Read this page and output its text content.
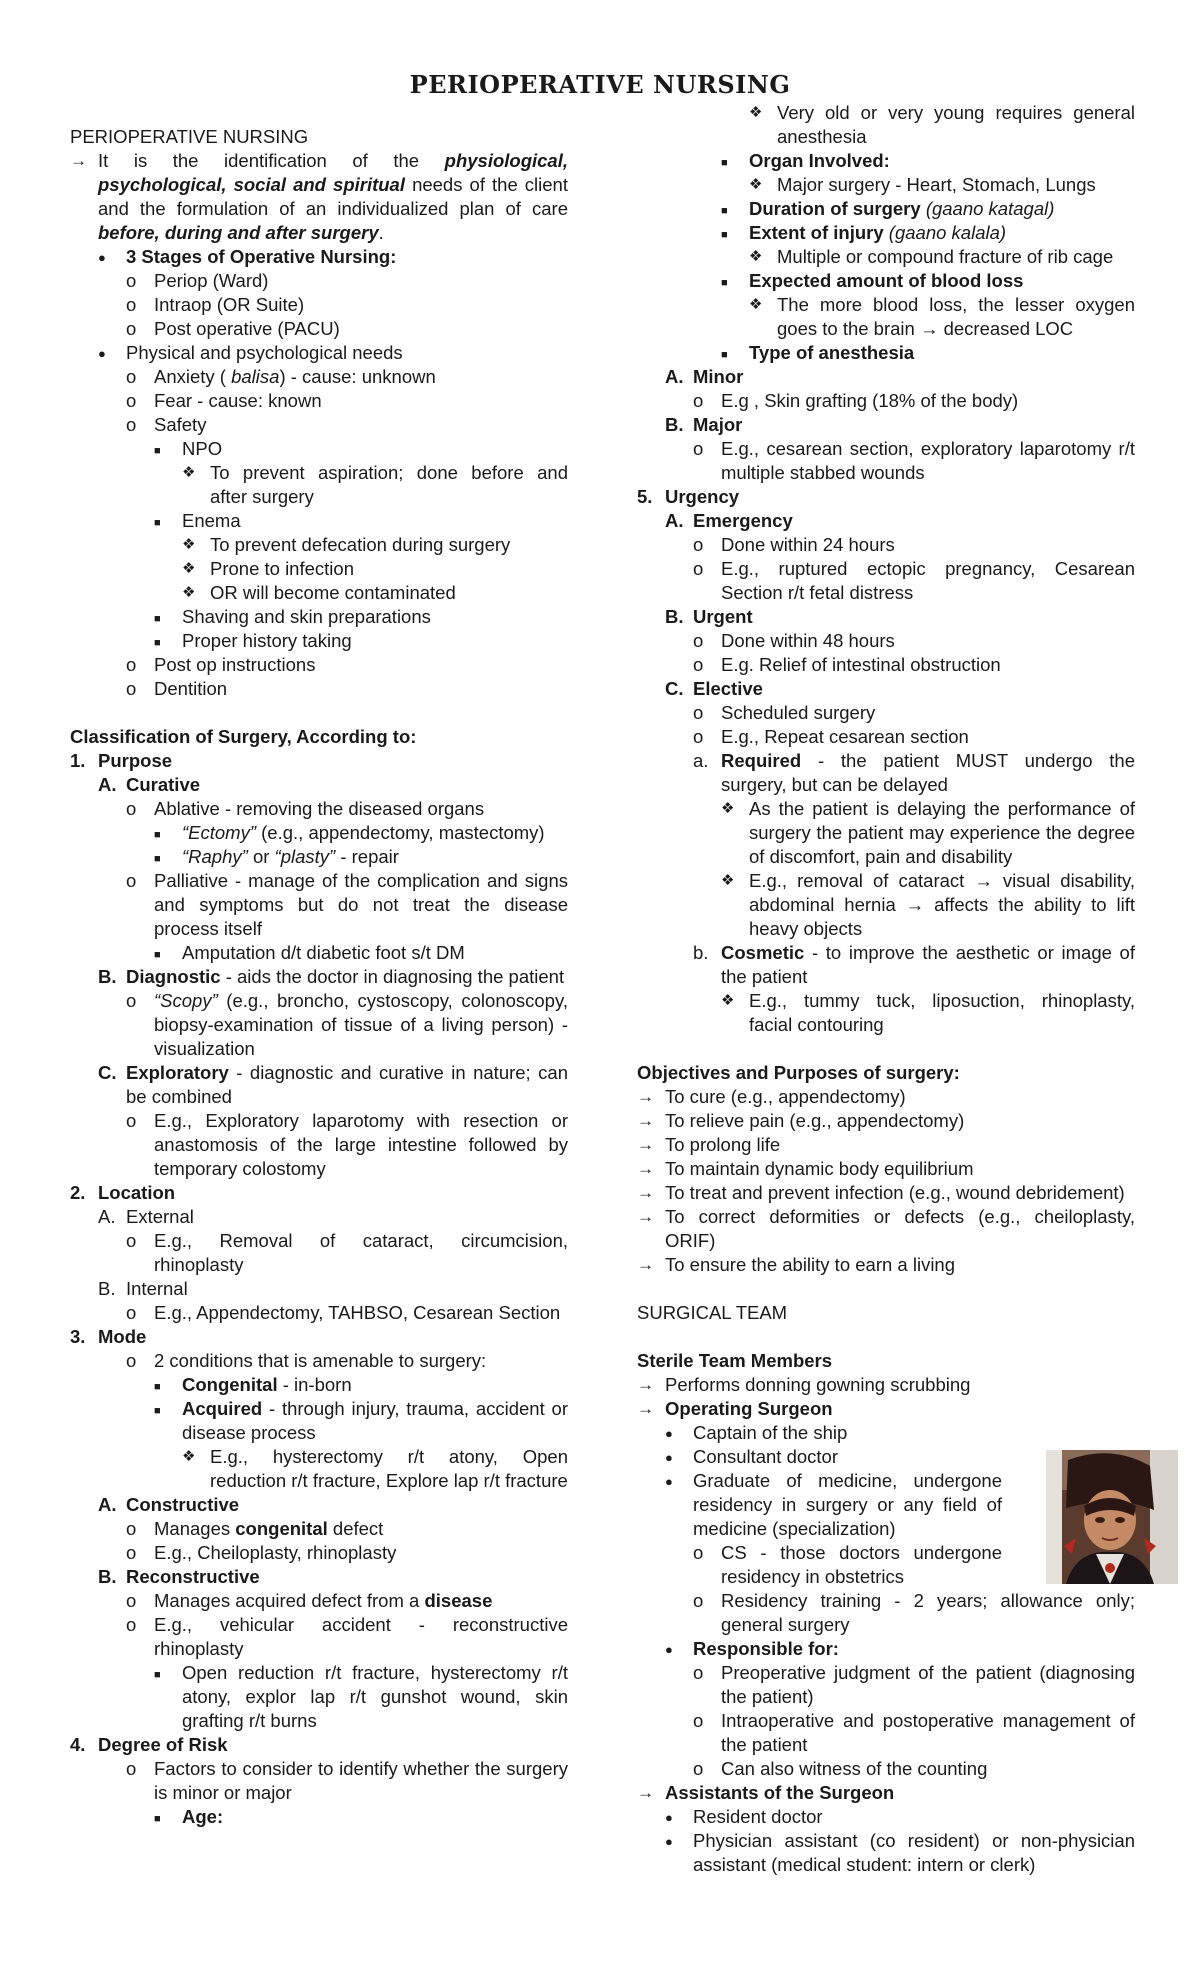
PERIOPERATIVE NURSING
PERIOPERATIVE NURSING
→ It is the identification of the physiological, psychological, social and spiritual needs of the client and the formulation of an individualized plan of care before, during and after surgery.
● 3 Stages of Operative Nursing:
o Periop (Ward)
o Intraop (OR Suite)
o Post operative (PACU)
● Physical and psychological needs
o Anxiety ( balisa) - cause: unknown
o Fear - cause: known
o Safety
■ NPO
❖ To prevent aspiration; done before and after surgery
■ Enema
❖ To prevent defecation during surgery
❖ Prone to infection
❖ OR will become contaminated
■ Shaving and skin preparations
■ Proper history taking
o Post op instructions
o Dentition
Classification of Surgery, According to:
1. Purpose
A. Curative
o Ablative - removing the diseased organs
■ “Ectomy” (e.g., appendectomy, mastectomy)
■ “Raphy” or “plasty” - repair
o Palliative - manage of the complication and signs and symptoms but do not treat the disease process itself
■ Amputation d/t diabetic foot s/t DM
B. Diagnostic - aids the doctor in diagnosing the patient
o “Scopy” (e.g., broncho, cystoscopy, colonoscopy, biopsy-examination of tissue of a living person) - visualization
C. Exploratory - diagnostic and curative in nature; can be combined
o E.g., Exploratory laparotomy with resection or anastomosis of the large intestine followed by temporary colostomy
2. Location
A. External
o E.g., Removal of cataract, circumcision, rhinoplasty
B. Internal
o E.g., Appendectomy, TAHBSO, Cesarean Section
3. Mode
o 2 conditions that is amenable to surgery:
■ Congenital - in-born
■ Acquired - through injury, trauma, accident or disease process
❖ E.g., hysterectomy r/t atony, Open reduction r/t fracture, Explore lap r/t fracture
A. Constructive
o Manages congenital defect
o E.g., Cheiloplasty, rhinoplasty
B. Reconstructive
o Manages acquired defect from a disease
o E.g., vehicular accident - reconstructive rhinoplasty
■ Open reduction r/t fracture, hysterectomy r/t atony, explor lap r/t gunshot wound, skin grafting r/t burns
4. Degree of Risk
o Factors to consider to identify whether the surgery is minor or major
■ Age:
❖ Very old or very young requires general anesthesia
■ Organ Involved:
❖ Major surgery - Heart, Stomach, Lungs
■ Duration of surgery (gaano katagal)
■ Extent of injury (gaano kalala)
❖ Multiple or compound fracture of rib cage
■ Expected amount of blood loss
❖ The more blood loss, the lesser oxygen goes to the brain → decreased LOC
■ Type of anesthesia
A. Minor
o E.g , Skin grafting (18% of the body)
B. Major
o E.g., cesarean section, exploratory laparotomy r/t multiple stabbed wounds
5. Urgency
A. Emergency
o Done within 24 hours
o E.g., ruptured ectopic pregnancy, Cesarean Section r/t fetal distress
B. Urgent
o Done within 48 hours
o E.g. Relief of intestinal obstruction
C. Elective
o Scheduled surgery
o E.g., Repeat cesarean section
a. Required - the patient MUST undergo the surgery, but can be delayed
❖ As the patient is delaying the performance of surgery the patient may experience the degree of discomfort, pain and disability
❖ E.g., removal of cataract → visual disability, abdominal hernia → affects the ability to lift heavy objects
b. Cosmetic - to improve the aesthetic or image of the patient
❖ E.g., tummy tuck, liposuction, rhinoplasty, facial contouring
Objectives and Purposes of surgery:
→ To cure (e.g., appendectomy)
→ To relieve pain (e.g., appendectomy)
→ To prolong life
→ To maintain dynamic body equilibrium
→ To treat and prevent infection (e.g., wound debridement)
→ To correct deformities or defects (e.g., cheiloplasty, ORIF)
→ To ensure the ability to earn a living
SURGICAL TEAM
Sterile Team Members
→ Performs donning gowning scrubbing
→ Operating Surgeon
● Captain of the ship
● Consultant doctor
● Graduate of medicine, undergone residency in surgery or any field of medicine (specialization)
o CS - those doctors undergone residency in obstetrics
o Residency training - 2 years; allowance only; general surgery
● Responsible for:
o Preoperative judgment of the patient (diagnosing the patient)
o Intraoperative and postoperative management of the patient
o Can also witness of the counting
→ Assistants of the Surgeon
● Resident doctor
● Physician assistant (co resident) or non-physician assistant (medical student: intern or clerk)
